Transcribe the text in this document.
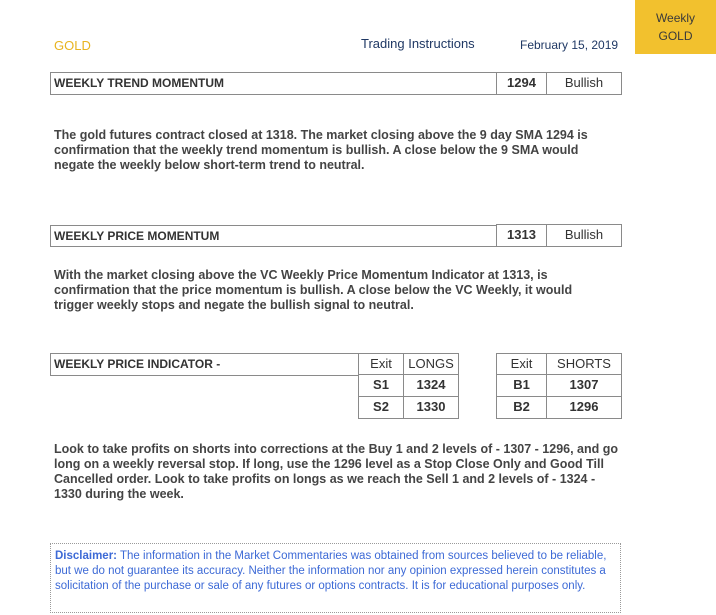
GOLD	Trading Instructions	February 15, 2019
Weekly
GOLD
WEEKLY TREND MOMENTUM	1294	Bullish

The gold futures contract closed at 1318. The market closing above the 9 day SMA 1294 is confirmation that the weekly trend momentum is bullish. A close below the 9 SMA would negate the weekly below short-term trend to neutral.

WEEKLY PRICE MOMENTUM	1313	Bullish

With the market closing above the VC Weekly Price Momentum Indicator at 1313, is confirmation that the price momentum is bullish. A close below the VC Weekly, it would trigger weekly stops and negate the bullish signal to neutral.

WEEKLY PRICE INDICATOR -	Exit	LONGS
S1	1324
S2	1330
Exit	SHORTS
B1	1307
B2	1296

Look to take profits on shorts into corrections at the Buy 1 and 2 levels of - 1307 - 1296, and go long on a weekly reversal stop. If long, use the 1296 level as a Stop Close Only and Good Till Cancelled order. Look to take profits on longs as we reach the Sell 1 and 2 levels of - 1324 - 1330 during the week.

Disclaimer: The information in the Market Commentaries was obtained from sources believed to be reliable, but we do not guarantee its accuracy. Neither the information nor any opinion expressed herein constitutes a solicitation of the purchase or sale of any futures or options contracts. It is for educational purposes only.
